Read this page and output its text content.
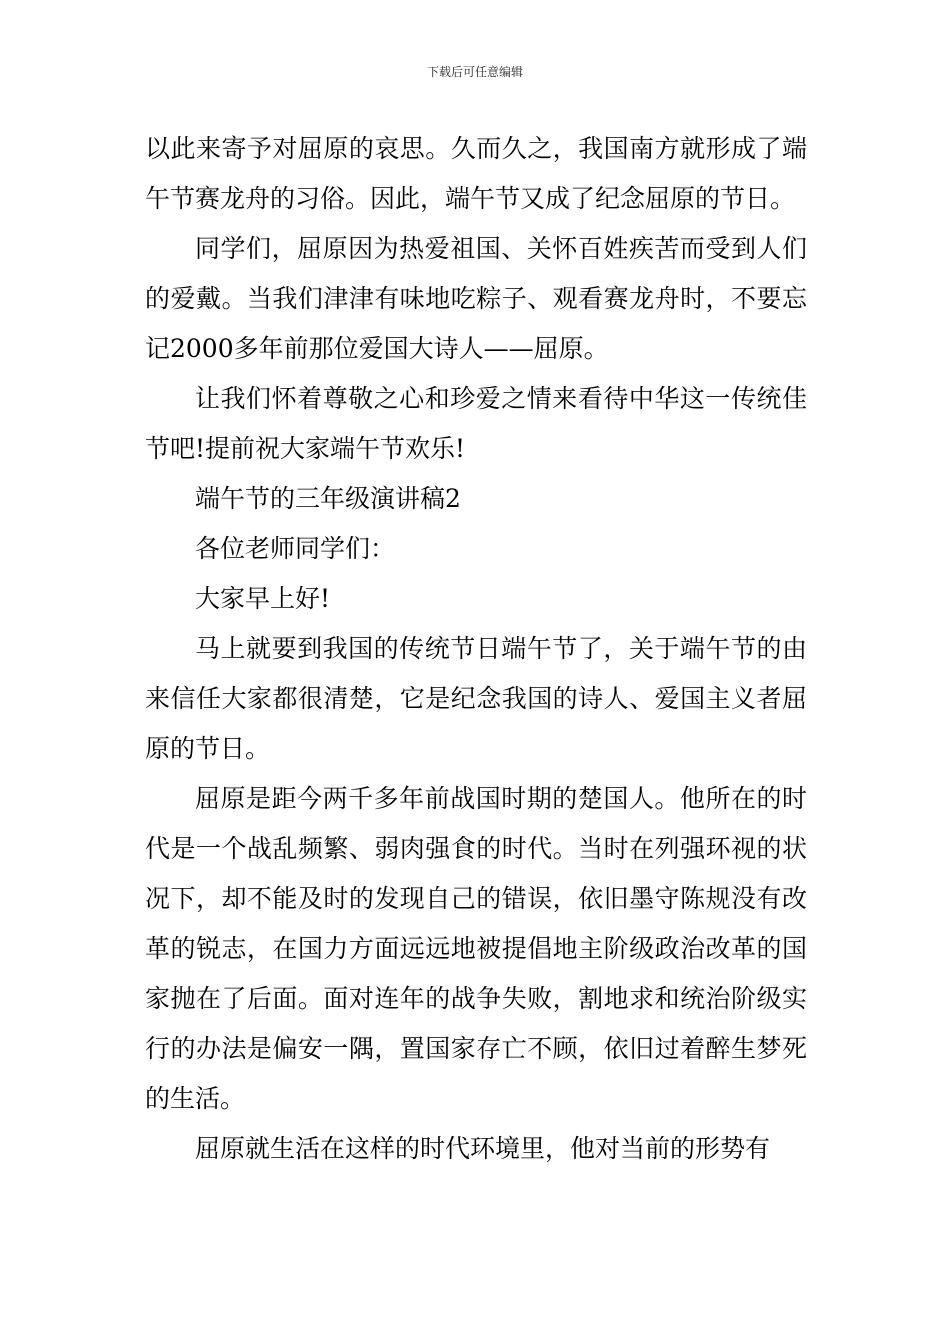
下载后可任意编辑

以此来寄予对屈原的哀思。久而久之，我国南方就形成了端午节赛龙舟的习俗。因此，端午节又成了纪念屈原的节日。

同学们，屈原因为热爱祖国、关怀百姓疾苦而受到人们的爱戴。当我们津津有味地吃粽子、观看赛龙舟时，不要忘记2000多年前那位爱国大诗人——屈原。

让我们怀着尊敬之心和珍爱之情来看待中华这一传统佳节吧!提前祝大家端午节欢乐!

端午节的三年级演讲稿2

各位老师同学们：

大家早上好!

马上就要到我国的传统节日端午节了，关于端午节的由来信任大家都很清楚，它是纪念我国的诗人、爱国主义者屈原的节日。

屈原是距今两千多年前战国时期的楚国人。他所在的时代是一个战乱频繁、弱肉强食的时代。当时在列强环视的状况下，却不能及时的发现自己的错误，依旧墨守陈规没有改革的锐志，在国力方面远远地被提倡地主阶级政治改革的国家抛在了后面。面对连年的战争失败，割地求和统治阶级实行的办法是偏安一隅，置国家存亡不顾，依旧过着醉生梦死的生活。

屈原就生活在这样的时代环境里，他对当前的形势有
